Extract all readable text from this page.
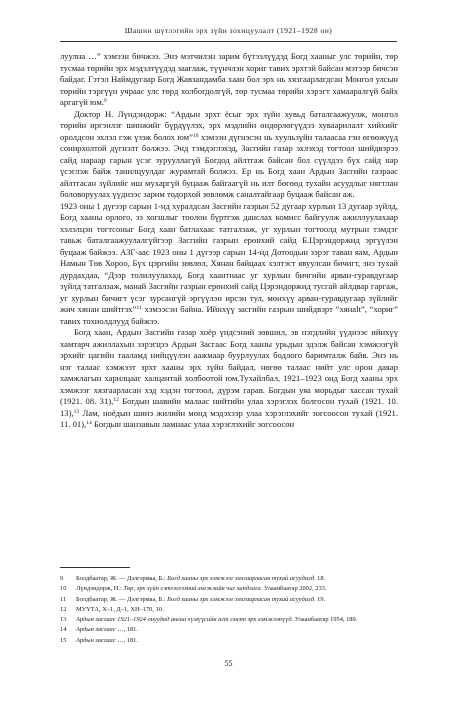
Шашин шүтлэгийн эрх зүйн зохицуулалт (1921–1928 он)

луулна …” хэмээн бичжээ. Энэ мэтчилэн зарим бүтээлүүдэд Богд хааныг улс төрийн, төр тусмаа төрийн эрх мэдэлтүүдэд зааглаж, түүнчлэн хориг тавих эрхтэй байсан мэтээр бичсэн байдаг. Гэтэл Наймдугаар Богд Жавзандамба хаан бол эрх нь хязгаарлагдсан Монгол улсын төрийн тэргүүн учраас улс төрд холбогдолгүй, төр тусмаа төрийн хэрэгт хамааралгүй байх аргагүй юм.$^9$

Доктор Н. Лүндэндорж: “Ардын эрхт ёсыг эрх зүйн хувьд баталгаажуулж, монгол төрийн иргэнлэг шинжийг бүрдүүлэх, эрх мэдлийн өндөрлөгүүдээ хуваарилалт хийхийг оролдсон эхлэл гэж үзэж болох юм”$^{10}$ хэмээн дүгнэсэн нь хуульзүйн талаасаа гэн өгөөжүүд сонирхолтой дүгнэлт болжээ. Энд тэмдэглэхэд, Засгийн газар эхлэхэд тогтоол шийдвэрээ сайд нараар гарын үсэг зурууллагүй Богдод айлтгаж байсан бол сүүлдээ бүх сайд нар үсэглэж байж танилцуулдаг журамтай болжээ. Ер нь Богд хаан Ардын Засгийн газрааc айлтгасан зүйлийг иш мухаргүй буцааж байгаагүй нь илт бөгөөд тухайн асуудлыг нягтлан боловоруулах үүднээс зарим тодорхой зөвлөмж саналтайгаар буцааж байсан аж.

1923 оны 1 дүгээр сарын 1-нд хуралдсан Засгийн газрын 52 дугаар хурлын 13 дугаар зүйлд, Богд хааны орлого, зэ хогшлыг тоолон бүртгэж данслах комисс байгуулж ажиллуулахаар хэлэлцэн тогтсоныг Богд хаан батлахаас татгалзаж, уг хурлын тогтоолд мутрын тэмдэг тавьж баталгаажуулалгүйгээр Засгийн газрын ерөнхий сайд Б.Цэрэндоржид эргүүлэн буцааж байжээ. АЗГ-аас 1923 оны 1 дүгээр сарын 14-нд Дотоодын зэрэг таван яам, Ардын Намын Төв Хороо, Бүх цэргийн зөвлөл, Хянан байцаах хэлтэст явуулсан бичигт, энэ тухай дурдахдаа, “Дээр толилуулахад, Богд хаантнаас уг хурлын бичгийн арван-гуравдугаар зүйлд татгалзаж, манай Засгийн газрын ерөнхий сайд Цэрэндоржид тусгай айлдвар гаргаж, уг хурлын бичигт үсэг зурсангүй эргүүлэн ирсэн тул, мөнхүү арван-гуравдугаар зүйлийг жич хянан шийтгэх”$^{11}$ хэмээсэн байна. Ийнхүү засгийн газрын шийдвэрт “хянаlt”, “хориг” тавих тохиолдлууд байжээ.

Богд хаан, Ардын Засгийн газар хоёр үндсэний зөвшил, эв нэгдлийн үүднээс ийнхүү хамтарч ажиллахын зэрэгцээ Ардын Засгаас Богд хааны урьдын эдэлж байсан хэмжээгүй эрхийг цагийн тааламд нийцүүлэн аажмаар буурлуулах бодлого баримталж байв. Энэ нь нэг талаас хэмжээт эрхт хааны эрх зүйн байдал, нөгөө талаас нийт улс орон даяар хамжлагын харилцааг халцантай холбоотой юм.Тухайлбал, 1921–1923 онд Богд хааны эрх хэмжээг хязгаарласан хэд хэдэн тогтоол, дүрэм гарав. Богдын уяа морьдыг хассан тухай (1921. 08. 31),$^{12}$ Богдын шавийн малаас нийтийн улаа хэрэглэх болгосон тухай (1921. 10. 13),$^{13}$ Лам, ноёдын шинэ жилийн мөнд мэдэхээр улаа хэрэглэхийг зогсоосон тухай (1921. 11. 01),$^{14}$ Богдын шанзавын ламнаас улаа хэрэглэхийг зогсоосон

9	Болдбаатар, Ж. — Дэлгэрмаа, Б.: Богд хааны эрх хэмжээг хязгаарласан тухай асуудалд. 18.
10	Лүндэндорж, Н.: Төр, эрх зүйн сэтгэлгээний хөгжлийн чиг хандлага. Улаанбаатар 2002, 233.
11	Болдбаатар, Ж. — Дэлгэрмаа, Б.: Богд хааны эрх хэмжээг хязгаарласан тухай асуудалд. 19.
12	МУҮТА, Х–1, Д–1, ХН–170, 10.
13	Ардын засгаас 1921–1924 онуудад ангаа хүмүүсийн агт гэнэт эрх хэмжээнүүд. Улаанбаатар 1954, 180.
14	Ардын засгаас …, 181.
15	Ардын засгаас …, 181.
55
